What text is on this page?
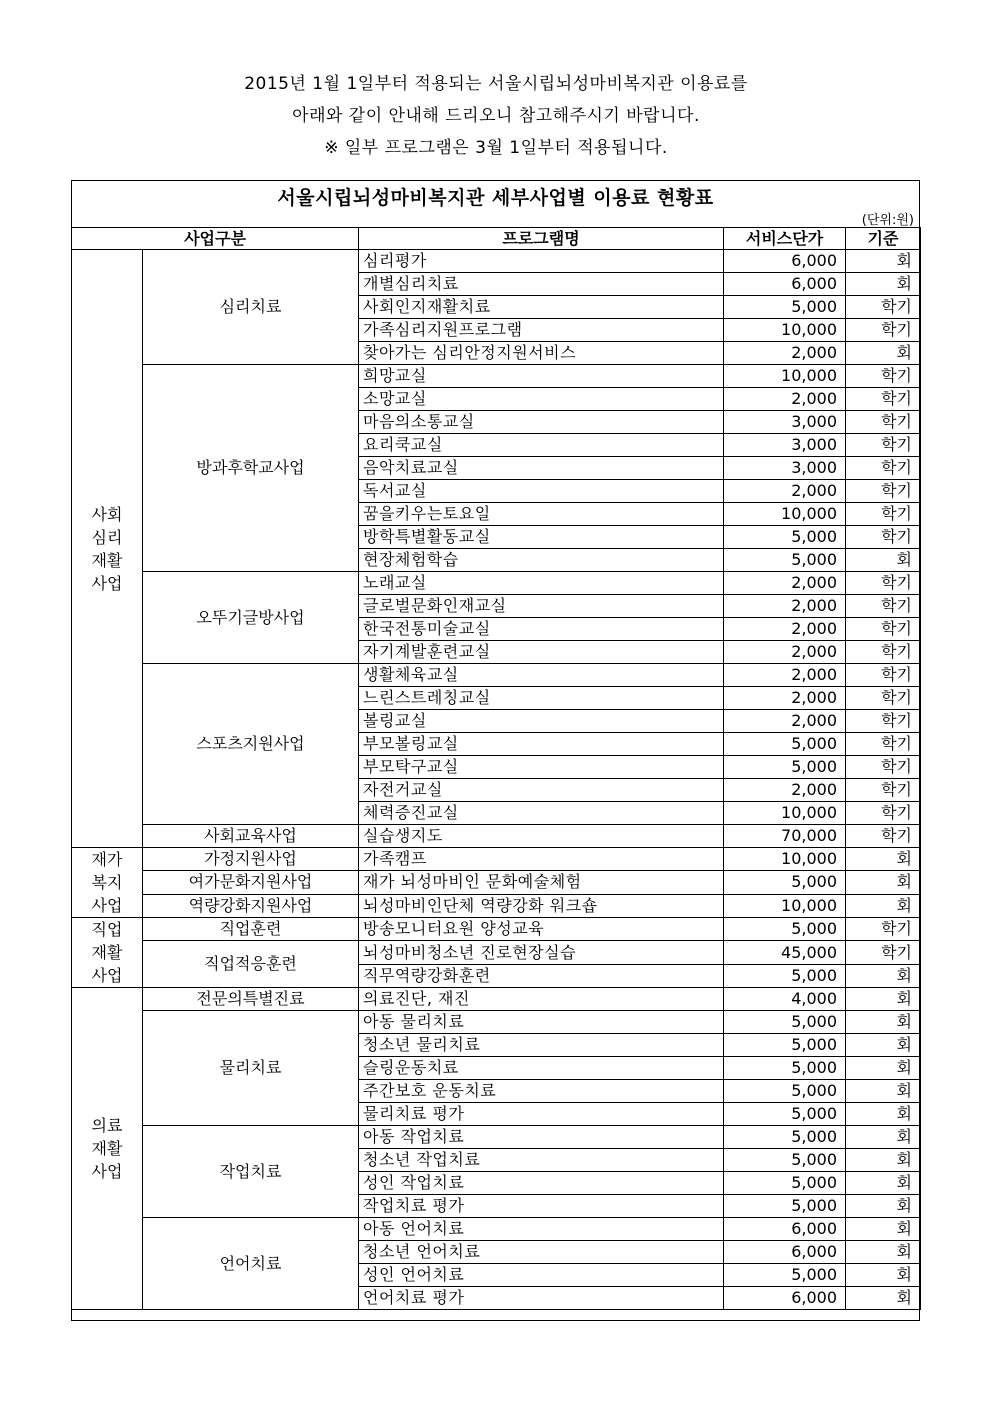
2015년 1월 1일부터 적용되는 서울시립뇌성마비복지관 이용료를
아래와 같이 안내해 드리오니 참고해주시기 바랍니다.
※ 일부 프로그램은 3월 1일부터 적용됩니다.
서울시립뇌성마비복지관 세부사업별 이용료 현황표
(단위:원)
사업구분		프로그램명	서비스단가	기준

사회
심리
재활
사업	심리치료	심리평가	6,000	회
		개별심리치료	6,000	회
		사회인지재활치료	5,000	학기
		가족심리지원프로그램	10,000	학기
		찾아가는 심리안정지원서비스	2,000	회
	방과후학교사업	희망교실	10,000	학기
		소망교실	2,000	학기
		마음의소통교실	3,000	학기
		요리쿡교실	3,000	학기
		음악치료교실	3,000	학기
		독서교실	2,000	학기
		꿈을키우는토요일	10,000	학기
		방학특별활동교실	5,000	학기
		현장체험학습	5,000	회
	오뚜기글방사업	노래교실	2,000	학기
		글로벌문화인재교실	2,000	학기
		한국전통미술교실	2,000	학기
		자기계발훈련교실	2,000	학기
	스포츠지원사업	생활체육교실	2,000	학기
		느린스트레칭교실	2,000	학기
		볼링교실	2,000	학기
		부모볼링교실	5,000	학기
		부모탁구교실	5,000	학기
		자전거교실	2,000	학기
		체력증진교실	10,000	학기
	사회교육사업	실습생지도	70,000	학기

재가
복지
사업	가정지원사업	가족캠프	10,000	회
	여가문화지원사업	재가 뇌성마비인 문화예술체험	5,000	회
	역량강화지원사업	뇌성마비인단체 역량강화 워크숍	10,000	회

직업
재활
사업	직업훈련	방송모니터요원 양성교육	5,000	학기
	직업적응훈련	뇌성마비청소년 진로현장실습	45,000	학기
		직무역량강화훈련	5,000	회

의료
재활
사업	전문의특별진료	의료진단, 재진	4,000	회
	물리치료	아동 물리치료	5,000	회
		청소년 물리치료	5,000	회
		슬링운동치료	5,000	회
		주간보호 운동치료	5,000	회
		물리치료 평가	5,000	회
	작업치료	아동 작업치료	5,000	회
		청소년 작업치료	5,000	회
		성인 작업치료	5,000	회
		작업치료 평가	5,000	회
	언어치료	아동 언어치료	6,000	회
		청소년 언어치료	6,000	회
		성인 언어치료	5,000	회
		언어치료 평가	6,000	회
